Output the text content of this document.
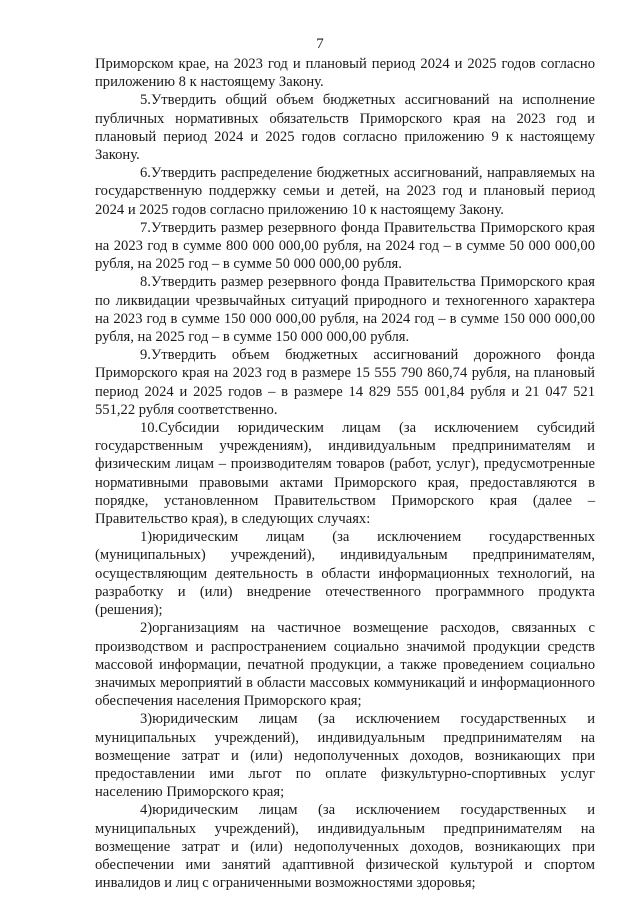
7

Приморском крае, на 2023 год и плановый период 2024 и 2025 годов согласно приложению 8 к настоящему Закону.

5.Утвердить общий объем бюджетных ассигнований на исполнение публичных нормативных обязательств Приморского края на 2023 год и плановый период 2024 и 2025 годов согласно приложению 9 к настоящему Закону.

6.Утвердить распределение бюджетных ассигнований, направляемых на государственную поддержку семьи и детей, на 2023 год и плановый период 2024 и 2025 годов согласно приложению 10 к настоящему Закону.

7.Утвердить размер резервного фонда Правительства Приморского края на 2023 год в сумме 800 000 000,00 рубля, на 2024 год – в сумме 50 000 000,00 рубля, на 2025 год – в сумме 50 000 000,00 рубля.

8.Утвердить размер резервного фонда Правительства Приморского края по ликвидации чрезвычайных ситуаций природного и техногенного характера на 2023 год в сумме 150 000 000,00 рубля, на 2024 год – в сумме 150 000 000,00 рубля, на 2025 год – в сумме 150 000 000,00 рубля.

9.Утвердить объем бюджетных ассигнований дорожного фонда Приморского края на 2023 год в размере 15 555 790 860,74 рубля, на плановый период 2024 и 2025 годов – в размере 14 829 555 001,84 рубля и 21 047 521 551,22 рубля соответственно.

10.Субсидии юридическим лицам (за исключением субсидий государственным учреждениям), индивидуальным предпринимателям и физическим лицам – производителям товаров (работ, услуг), предусмотренные нормативными правовыми актами Приморского края, предоставляются в порядке, установленном Правительством Приморского края (далее – Правительство края), в следующих случаях:

1)юридическим лицам (за исключением государственных (муниципальных) учреждений), индивидуальным предпринимателям, осуществляющим деятельность в области информационных технологий, на разработку и (или) внедрение отечественного программного продукта (решения);

2)организациям на частичное возмещение расходов, связанных с производством и распространением социально значимой продукции средств массовой информации, печатной продукции, а также проведением социально значимых мероприятий в области массовых коммуникаций и информационного обеспечения населения Приморского края;

3)юридическим лицам (за исключением государственных и муниципальных учреждений), индивидуальным предпринимателям на возмещение затрат и (или) недополученных доходов, возникающих при предоставлении ими льгот по оплате физкультурно-спортивных услуг населению Приморского края;

4)юридическим лицам (за исключением государственных и муниципальных учреждений), индивидуальным предпринимателям на возмещение затрат и (или) недополученных доходов, возникающих при обеспечении ими занятий адаптивной физической культурой и спортом инвалидов и лиц с ограниченными возможностями здоровья;
